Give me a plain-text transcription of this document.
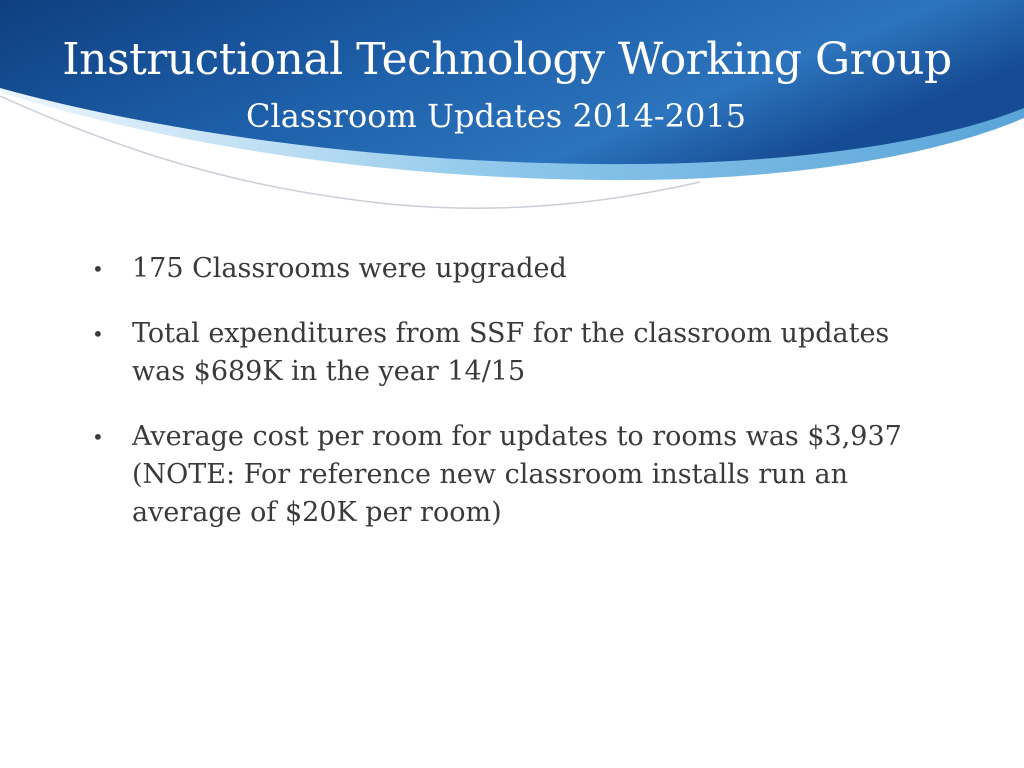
Instructional Technology Working Group
Classroom Updates 2014-2015
• 175 Classrooms were upgraded
• Total expenditures from SSF for the classroom updates was $689K in the year 14/15
• Average cost per room for updates to rooms was $3,937 (NOTE: For reference new classroom installs run an average of $20K per room)
